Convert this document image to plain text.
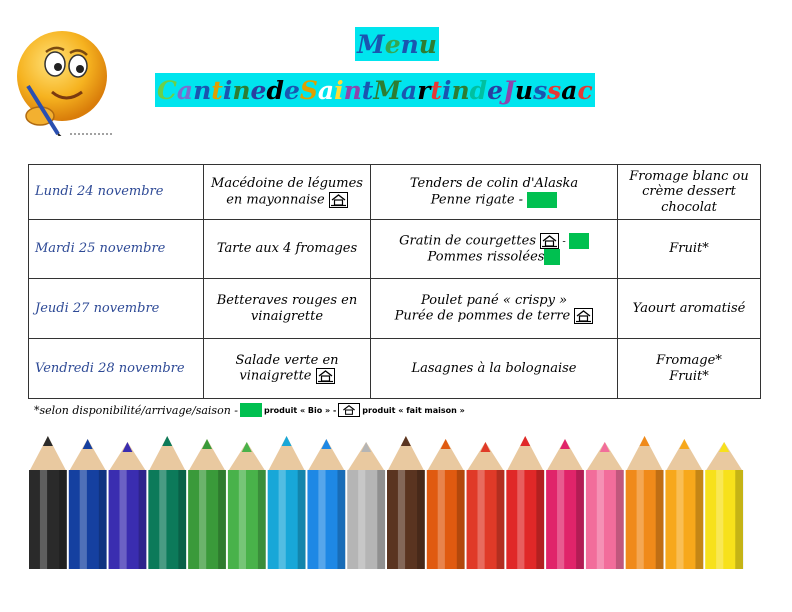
M e n u
C a n t i n e d e S a i n t M a r t i n d e J u s s a c
Lundi 24 novembre	Macédoine de légumes en mayonnaise	Tenders de colin d'Alaska
Penne rigate -	Fromage blanc ou crème dessert chocolat
Mardi 25 novembre	Tarte aux 4 fromages	Gratin de courgettes
-
Pommes rissolées	Fruit*
Jeudi 27 novembre	Betteraves rouges en vinaigrette	Poulet pané « crispy »
Purée de pommes de terre	Yaourt aromatisé
Vendredi 28 novembre	Salade verte en vinaigrette	Lasagnes à la bolognaise	Fromage*
Fruit*
*selon disponibilité/arrivage/saison -	produit « Bio » -	produit « fait maison »
